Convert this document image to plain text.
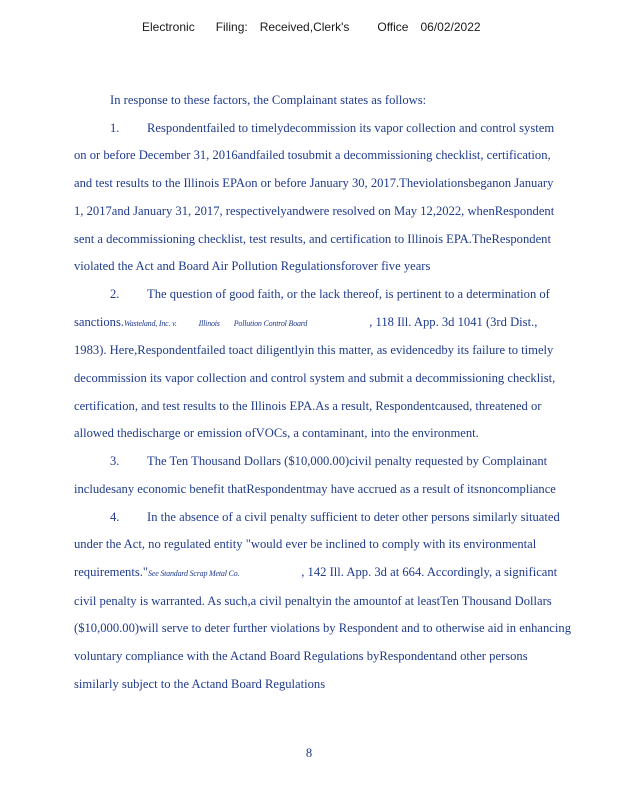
Electronic Filing: Received,Clerk's Office 06/02/2022
In response to these factors, the Complainant states as follows:
1. Respondentfailed to timelydecommission its vapor collection and control system
on or before December 31, 2016andfailed tosubmit a decommissioning checklist, certification,
and test results to the Illinois EPAon or before January 30, 2017.Theviolationsbeganon January
1, 2017and January 31, 2017, respectivelyandwere resolved on May 12,2022, whenRespondent
sent a decommissioning checklist, test results, and certification to Illinois EPA.TheRespondent
violated the Act and Board Air Pollution Regulationsforover five years
2. The question of good faith, or the lack thereof, is pertinent to a determination of
sanctions.Wasteland, Inc. v.	Illinois Pollution Control Board	, 118 Ill. App. 3d 1041 (3rd Dist.,
1983). Here,Respondentfailed toact diligentlyin this matter, as evidencedby its failure to timely
decommission its vapor collection and control system and submit a decommissioning checklist,
certification, and test results to the Illinois EPA.As a result, Respondentcaused, threatened or
allowed thedischarge or emission ofVOCs, a contaminant, into the environment.
3. The Ten Thousand Dollars ($10,000.00)civil penalty requested by Complainant
includesany economic benefit thatRespondentmay have accrued as a result of itsnoncompliance
4. In the absence of a civil penalty sufficient to deter other persons similarly situated
under the Act, no regulated entity "would ever be inclined to comply with its environmental
requirements."See Standard Scrap Metal Co.	, 142 Ill. App. 3d at 664. Accordingly, a significant
civil penalty is warranted. As such,a civil penaltyin the amountof at leastTen Thousand Dollars
($10,000.00)will serve to deter further violations by Respondent and to otherwise aid in enhancing
voluntary compliance with the Actand Board Regulations byRespondentand other persons
similarly subject to the Actand Board Regulations
8
